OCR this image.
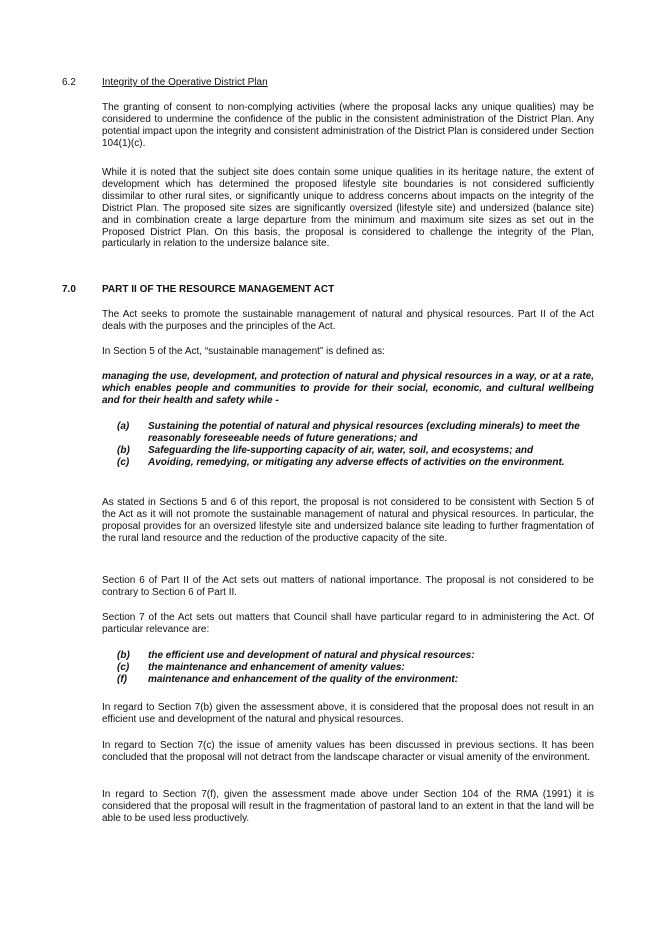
6.2	Integrity of the Operative District Plan

The granting of consent to non-complying activities (where the proposal lacks any unique qualities) may be considered to undermine the confidence of the public in the consistent administration of the District Plan. Any potential impact upon the integrity and consistent administration of the District Plan is considered under Section 104(1)(c).

While it is noted that the subject site does contain some unique qualities in its heritage nature, the extent of development which has determined the proposed lifestyle site boundaries is not considered sufficiently dissimilar to other rural sites, or significantly unique to address concerns about impacts on the integrity of the District Plan. The proposed site sizes are significantly oversized (lifestyle site) and undersized (balance site) and in combination create a large departure from the minimum and maximum site sizes as set out in the Proposed District Plan. On this basis, the proposal is considered to challenge the integrity of the Plan, particularly in relation to the undersize balance site.

7.0	PART II OF THE RESOURCE MANAGEMENT ACT

The Act seeks to promote the sustainable management of natural and physical resources. Part II of the Act deals with the purposes and the principles of the Act.

In Section 5 of the Act, “sustainable management” is defined as:

managing the use, development, and protection of natural and physical resources in a way, or at a rate, which enables people and communities to provide for their social, economic, and cultural wellbeing and for their health and safety while -

(a)	Sustaining the potential of natural and physical resources (excluding minerals) to meet the reasonably foreseeable needs of future generations; and
(b)	Safeguarding the life-supporting capacity of air, water, soil, and ecosystems; and
(c)	Avoiding, remedying, or mitigating any adverse effects of activities on the environment.

As stated in Sections 5 and 6 of this report, the proposal is not considered to be consistent with Section 5 of the Act as it will not promote the sustainable management of natural and physical resources. In particular, the proposal provides for an oversized lifestyle site and undersized balance site leading to further fragmentation of the rural land resource and the reduction of the productive capacity of the site.

Section 6 of Part II of the Act sets out matters of national importance. The proposal is not considered to be contrary to Section 6 of Part II.

Section 7 of the Act sets out matters that Council shall have particular regard to in administering the Act. Of particular relevance are:

(b)	the efficient use and development of natural and physical resources:
(c)	the maintenance and enhancement of amenity values:
(f)	maintenance and enhancement of the quality of the environment:

In regard to Section 7(b) given the assessment above, it is considered that the proposal does not result in an efficient use and development of the natural and physical resources.

In regard to Section 7(c) the issue of amenity values has been discussed in previous sections. It has been concluded that the proposal will not detract from the landscape character or visual amenity of the environment.

In regard to Section 7(f), given the assessment made above under Section 104 of the RMA (1991) it is considered that the proposal will result in the fragmentation of pastoral land to an extent in that the land will be able to be used less productively.
